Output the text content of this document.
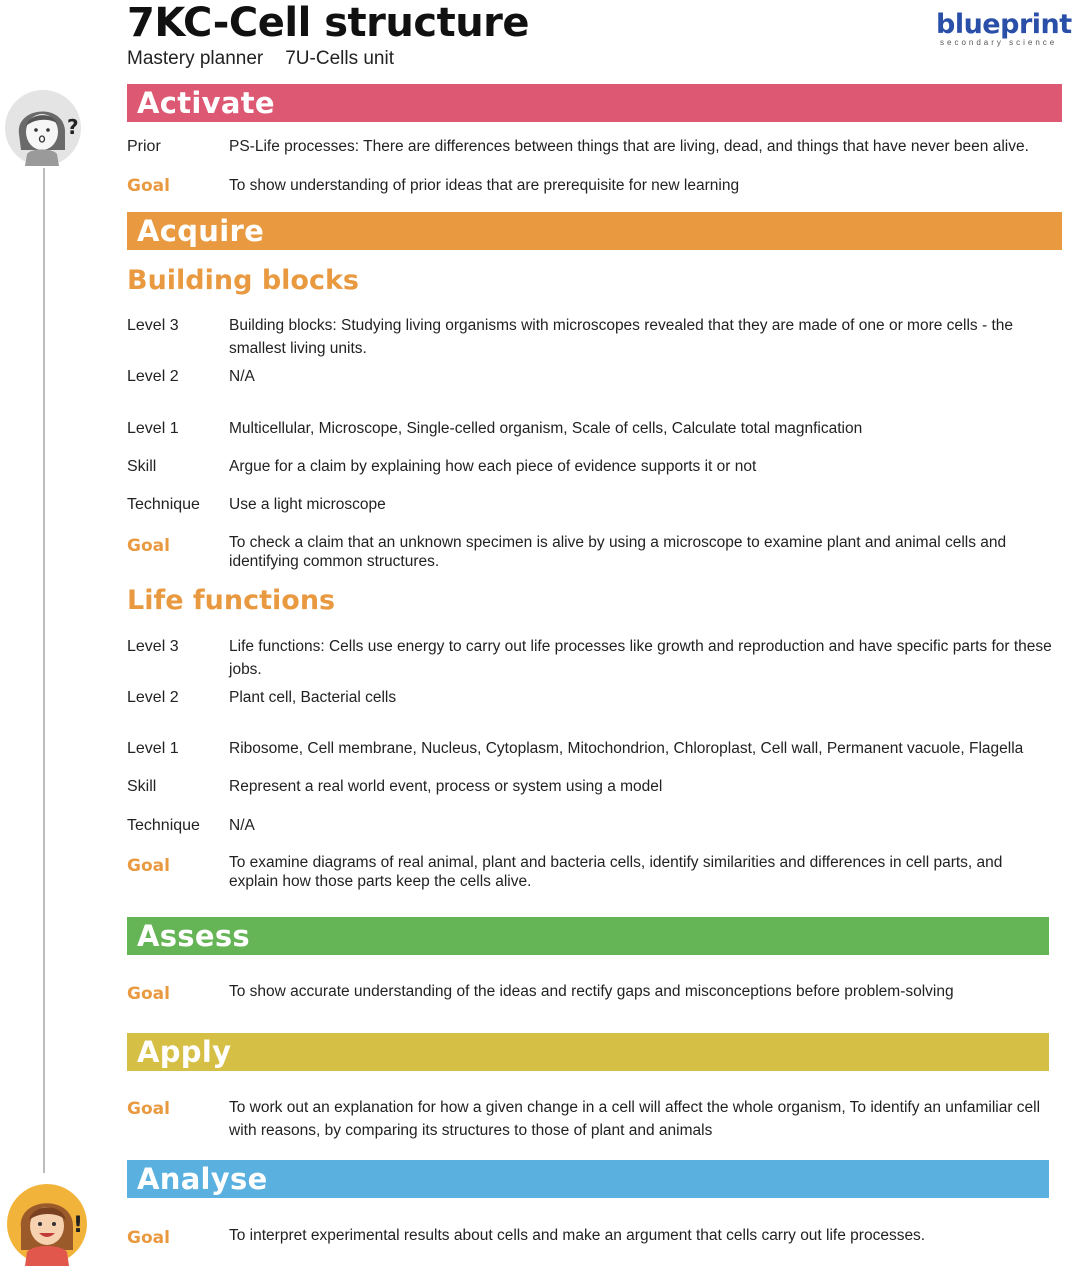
7KC-Cell structure
Mastery planner 7U-Cells unit
blueprint
secondary science
?
!
Activate
Prior	PS-Life processes: There are differences between things that are living, dead, and things that have never been alive.
Goal	To show understanding of prior ideas that are prerequisite for new learning
Acquire
Building blocks
Level 3	Building blocks: Studying living organisms with microscopes revealed that they are made of one or more cells - the smallest living units.
Level 2	N/A
Level 1	Multicellular, Microscope, Single-celled organism, Scale of cells, Calculate total magnfication
Skill	Argue for a claim by explaining how each piece of evidence supports it or not
Technique Use a light microscope
Goal	To check a claim that an unknown specimen is alive by using a microscope to examine plant and animal cells and identifying common structures.
Life functions
Level 3	Life functions: Cells use energy to carry out life processes like growth and reproduction and have specific parts for these jobs.
Level 2	Plant cell, Bacterial cells
Level 1	Ribosome, Cell membrane, Nucleus, Cytoplasm, Mitochondrion, Chloroplast, Cell wall, Permanent vacuole, Flagella
Skill	Represent a real world event, process or system using a model
Technique N/A
Goal	To examine diagrams of real animal, plant and bacteria cells, identify similarities and differences in cell parts, and explain how those parts keep the cells alive.
Assess
Goal	To show accurate understanding of the ideas and rectify gaps and misconceptions before problem-solving
Apply
Goal	To work out an explanation for how a given change in a cell will affect the whole organism, To identify an unfamiliar cell with reasons, by comparing its structures to those of plant and animals
Analyse
Goal	To interpret experimental results about cells and make an argument that cells carry out life processes.
